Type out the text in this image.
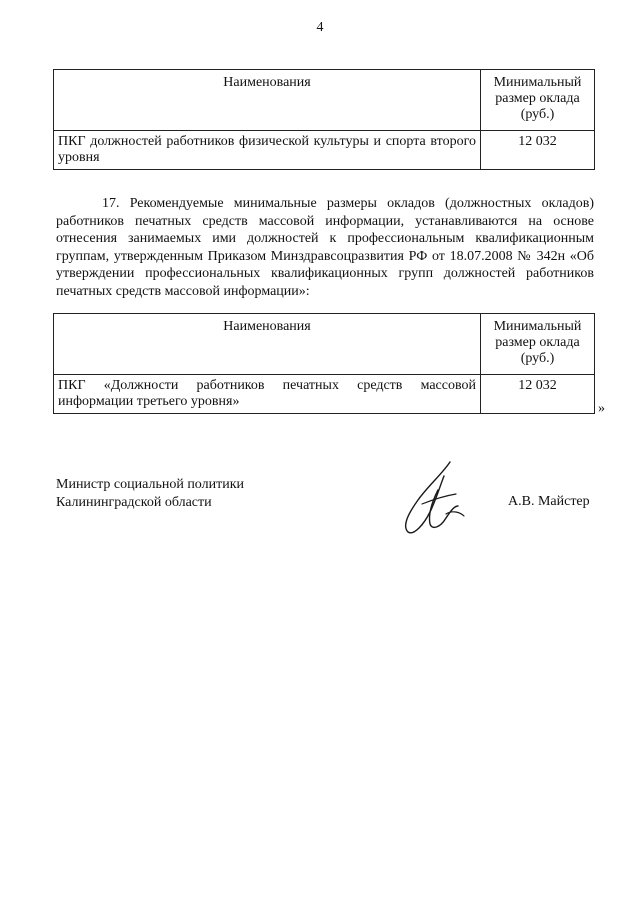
4
Наименования	Минимальный размер оклада (руб.)
ПКГ должностей работников физической культуры и спорта второго уровня	12 032

17. Рекомендуемые минимальные размеры окладов (должностных окладов) работников печатных средств массовой информации, устанавливаются на основе отнесения занимаемых ими должностей к профессиональным квалификационным группам, утвержденным Приказом Минздравсоцразвития РФ от 18.07.2008 № 342н «Об утверждении профессиональных квалификационных групп должностей работников печатных средств массовой информации»:

Наименования	Минимальный размер оклада (руб.)
ПКГ «Должности работников печатных средств массовой информации третьего уровня»	12 032
»
Министр социальной политики
Калининградской области	А.В. Майстер
